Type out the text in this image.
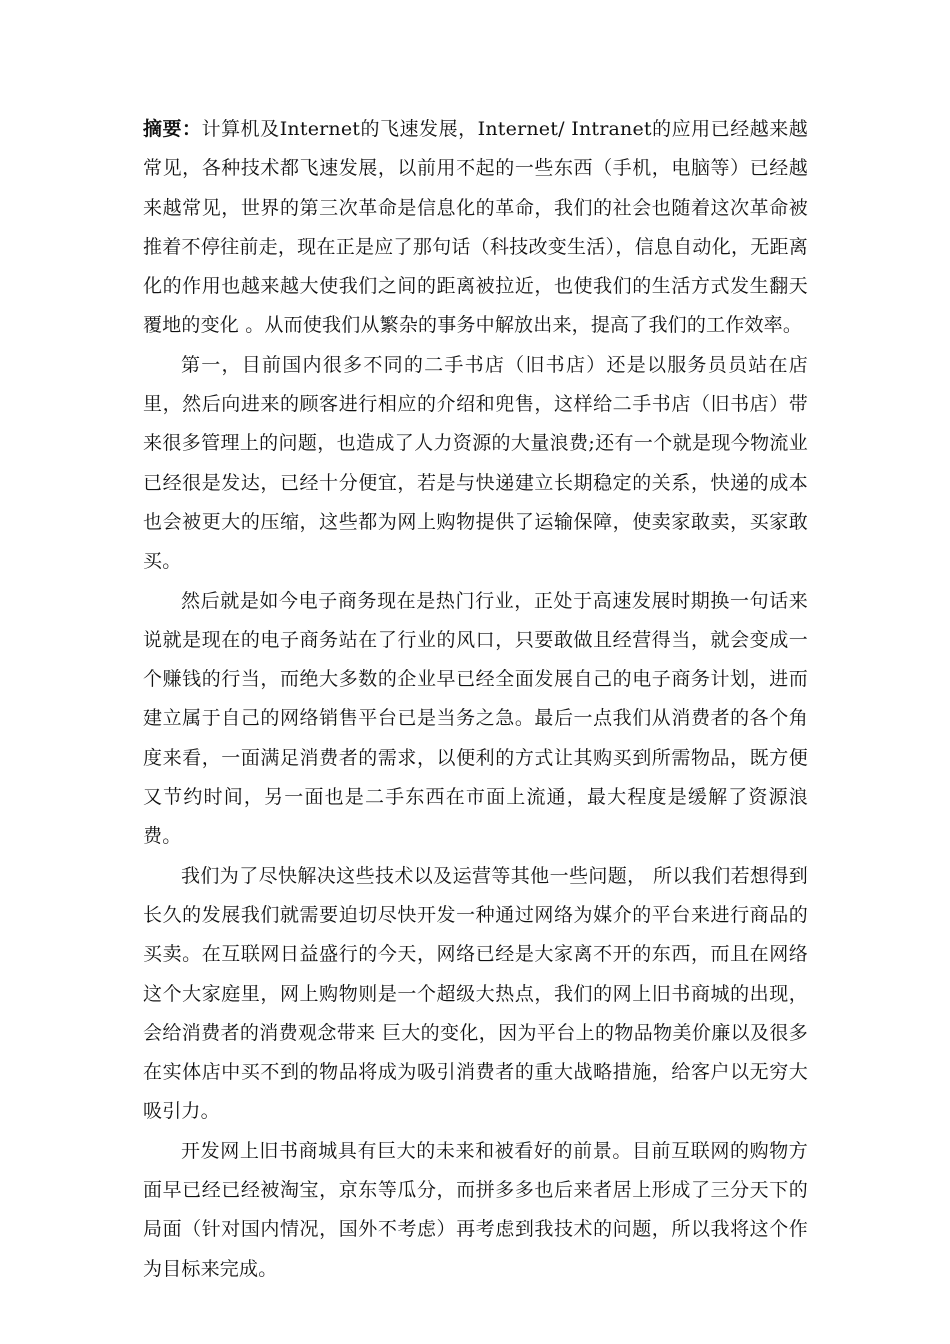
摘要：计算机及Internet的飞速发展，Internet/ Intranet的应用已经越来越常见，各种技术都飞速发展，以前用不起的一些东西（手机，电脑等）已经越来越常见，世界的第三次革命是信息化的革命，我们的社会也随着这次革命被推着不停往前走，现在正是应了那句话（科技改变生活），信息自动化，无距离化的作用也越来越大使我们之间的距离被拉近，也使我们的生活方式发生翻天覆地的变化 。从而使我们从繁杂的事务中解放出来，提高了我们的工作效率。

第一，目前国内很多不同的二手书店（旧书店）还是以服务员员站在店里，然后向进来的顾客进行相应的介绍和兜售，这样给二手书店（旧书店）带来很多管理上的问题，也造成了人力资源的大量浪费;还有一个就是现今物流业已经很是发达，已经十分便宜，若是与快递建立长期稳定的关系，快递的成本也会被更大的压缩，这些都为网上购物提供了运输保障，使卖家敢卖，买家敢买。

然后就是如今电子商务现在是热门行业，正处于高速发展时期换一句话来说就是现在的电子商务站在了行业的风口，只要敢做且经营得当，就会变成一个赚钱的行当，而绝大多数的企业早已经全面发展自己的电子商务计划，进而建立属于自己的网络销售平台已是当务之急。最后一点我们从消费者的各个角度来看，一面满足消费者的需求，以便利的方式让其购买到所需物品，既方便又节约时间，另一面也是二手东西在市面上流通，最大程度是缓解了资源浪费。

我们为了尽快解决这些技术以及运营等其他一些问题， 所以我们若想得到长久的发展我们就需要迫切尽快开发一种通过网络为媒介的平台来进行商品的买卖。在互联网日益盛行的今天，网络已经是大家离不开的东西，而且在网络这个大家庭里，网上购物则是一个超级大热点，我们的网上旧书商城的出现，会给消费者的消费观念带来 巨大的变化，因为平台上的物品物美价廉以及很多在实体店中买不到的物品将成为吸引消费者的重大战略措施，给客户以无穷大吸引力。

开发网上旧书商城具有巨大的未来和被看好的前景。目前互联网的购物方面早已经已经被淘宝，京东等瓜分，而拼多多也后来者居上形成了三分天下的局面（针对国内情况，国外不考虑）再考虑到我技术的问题，所以我将这个作为目标来完成。
